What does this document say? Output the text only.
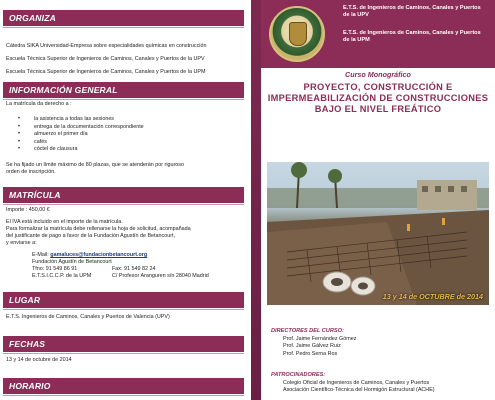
ORGANIZA
Cátedra SIKA Universidad-Empresa sobre especialidades químicas en construcción
Escuela Técnica Superior de Ingenieros de Caminos, Canales y Puertos de la UPV
Escuela Técnica Superior de Ingenieros de Caminos, Canales y Puertos de la UPM
INFORMACIÓN GENERAL
La matrícula da derecho a :
• la asistencia a todas las sesiones
• entrega de la documentación correspondiente
• almuerzo el primer día
• cafés
• cóctel de clausura
Se ha fijado un límite máximo de 80 plazas, que se atenderán por riguroso
orden de inscripción.
MATRÍCULA
Importe : 450,00 €
El IVA está incluido en el importe de la matrícula.
Para formalizar la matrícula debe rellenarse la hoja de solicitud, acompañada
del justificante de pago a favor de la Fundación Agustín de Betancourt,
y enviarse a:
E-Mail: gamaluces@fundacionbetancourt.org
Fundación Agustín de Betancourt
Tfno: 91 549 86 91	Fax: 91 549 82 24
E.T.S.I.C.C.P. de la UPM	C/ Profesor Aranguren s/n 28040 Madrid
LUGAR
E.T.S. Ingenieros de Caminos, Canales y Puertos de Valencia (UPV)
FECHAS
13 y 14 de octubre de 2014
HORARIO
E.T.S. de Ingenieros de Caminos, Canales y Puertos de la UPV
E.T.S. de Ingenieros de Caminos, Canales y Puertos de la UPM
Curso Monográfico
PROYECTO, CONSTRUCCIÓN E IMPERMEABILIZACIÓN DE CONSTRUCCIONES BAJO EL NIVEL FREÁTICO
13 y 14 de OCTUBRE de 2014
DIRECTORES DEL CURSO:
Prof. Jaime Fernández Gómez
Prof. Jaime Gálvez Ruiz
Prof. Pedro Serna Ros
PATROCINADORES:
Colegio Oficial de Ingenieros de Caminos, Canales y Puertos
Asociación Científico-Técnica del Hormigón Estructural (ACHE)
